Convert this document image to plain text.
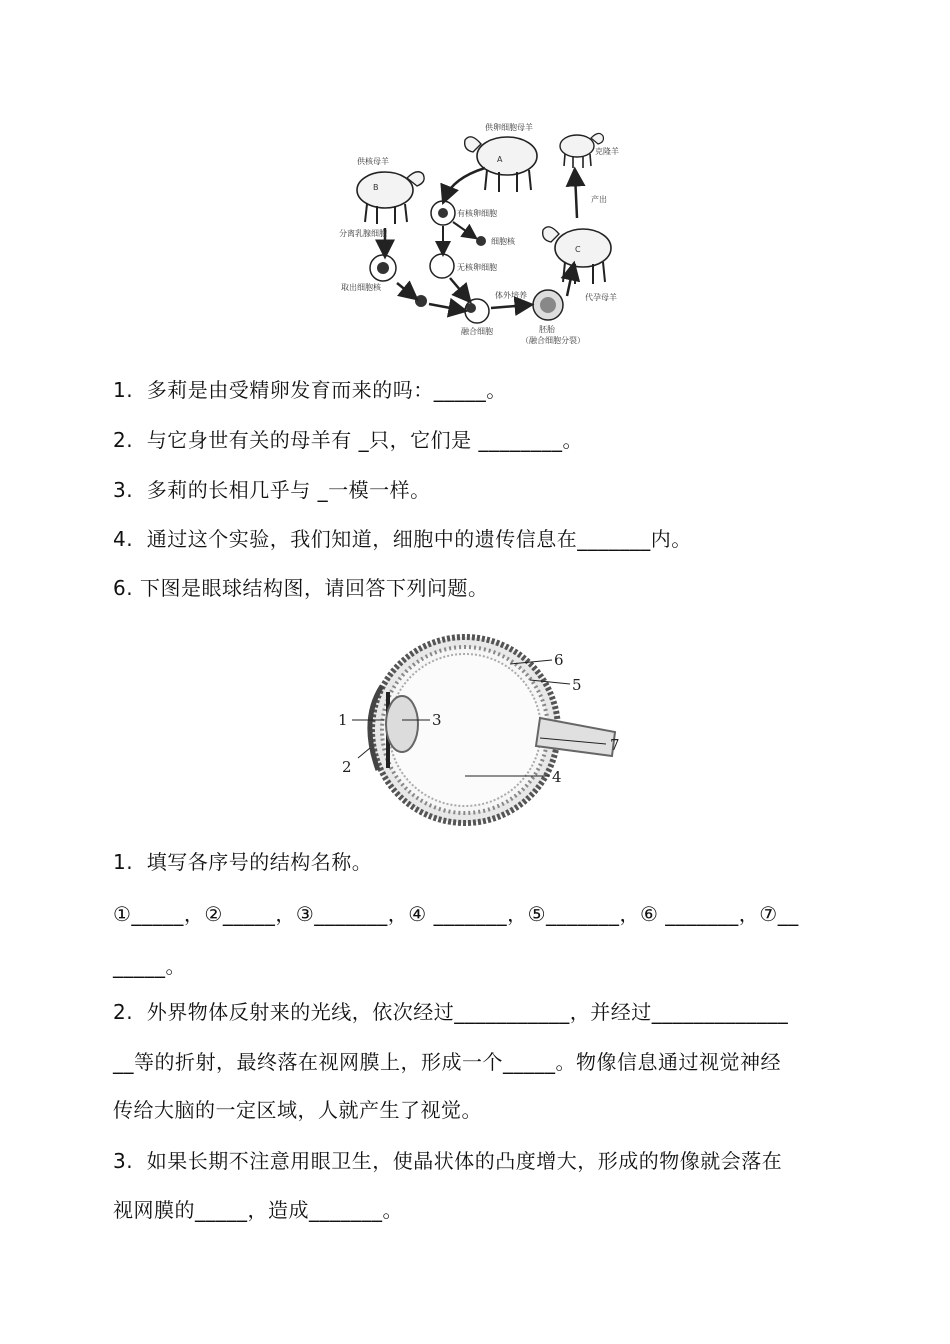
供核母羊
供卵细胞母羊
克隆羊
A
B
C
分离乳腺细胞
有核卵细胞
细胞核
无核卵细胞
取出细胞核
融合细胞
体外培养
胚胎
（融合细胞分裂）
代孕母羊
产出
1.  多莉是由受精卵发育而来的吗：_____。
2.  与它身世有关的母羊有 _只，它们是 ________。
3.  多莉的长相几乎与 _一模一样。
4.  通过这个实验，我们知道，细胞中的遗传信息在_______内。
6. 下图是眼球结构图，请回答下列问题。
1
2
3
4
5
6
7
1.  填写各序号的结构名称。
①_____，②_____，③_______，④ _______，⑤_______，⑥ _______，⑦__
_____。
2.  外界物体反射来的光线，依次经过___________，并经过_____________
__等的折射，最终落在视网膜上，形成一个_____。物像信息通过视觉神经
传给大脑的一定区域，人就产生了视觉。
3.  如果长期不注意用眼卫生，使晶状体的凸度增大，形成的物像就会落在
视网膜的_____，造成_______。
